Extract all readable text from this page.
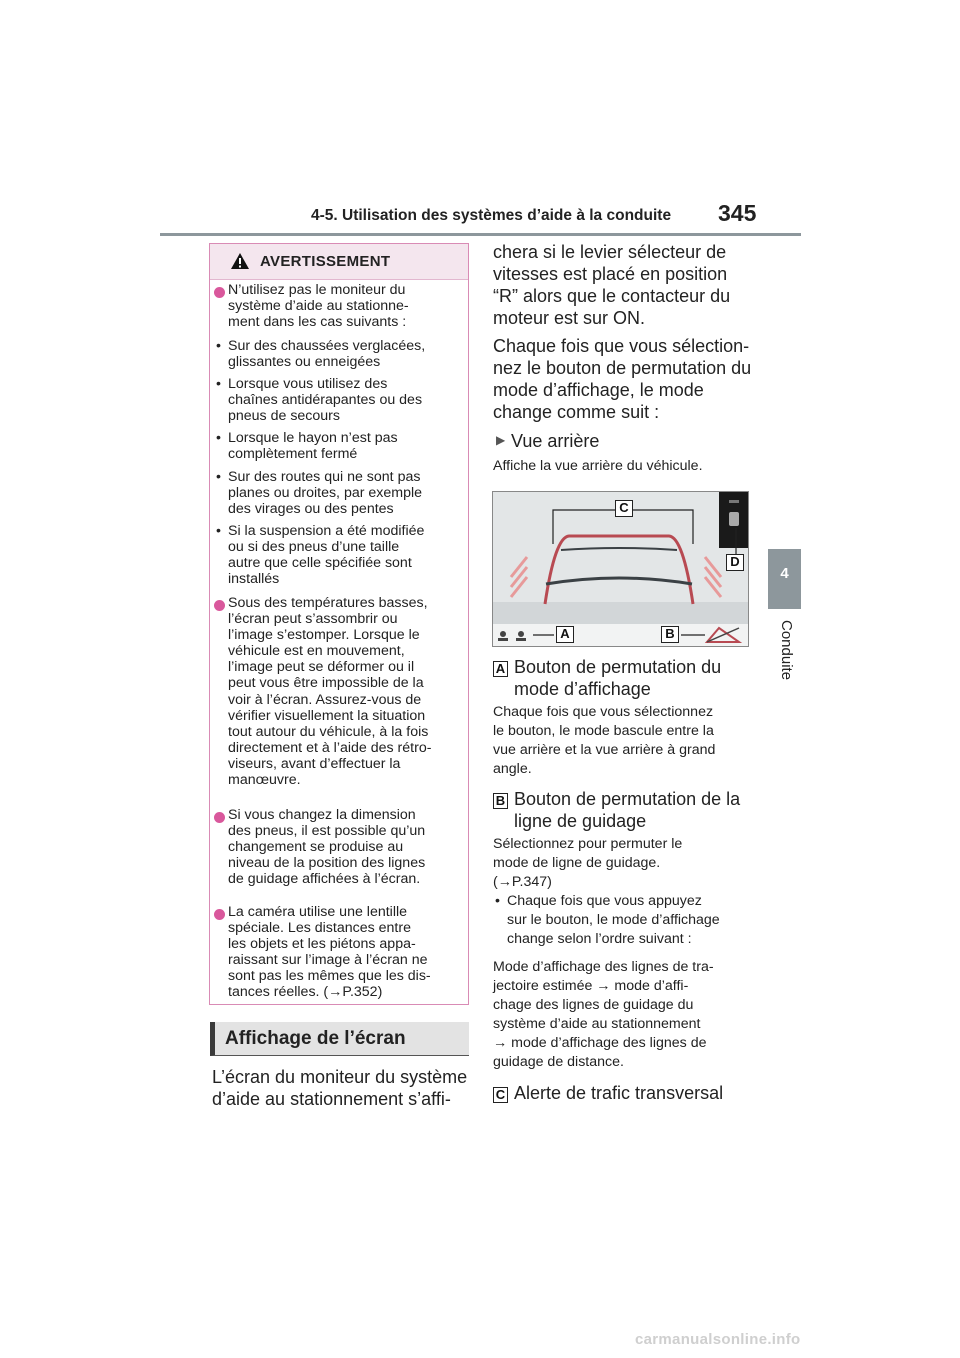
4-5. Utilisation des systèmes d’aide à la conduite 345
4
Conduite
AVERTISSEMENT
N’utilisez pas le moniteur du
système d’aide au stationne-
ment dans les cas suivants :
• Sur des chaussées verglacées,
glissantes ou enneigées
• Lorsque vous utilisez des
chaînes antidérapantes ou des
pneus de secours
• Lorsque le hayon n’est pas
complètement fermé
• Sur des routes qui ne sont pas
planes ou droites, par exemple
des virages ou des pentes
• Si la suspension a été modifiée
ou si des pneus d’une taille
autre que celle spécifiée sont
installés
Sous des températures basses,
l’écran peut s’assombrir ou
l’image s’estomper. Lorsque le
véhicule est en mouvement,
l’image peut se déformer ou il
peut vous être impossible de la
voir à l’écran. Assurez-vous de
vérifier visuellement la situation
tout autour du véhicule, à la fois
directement et à l’aide des rétro-
viseurs, avant d’effectuer la
manœuvre.
Si vous changez la dimension
des pneus, il est possible qu’un
changement se produise au
niveau de la position des lignes
de guidage affichées à l’écran.
La caméra utilise une lentille
spéciale. Les distances entre
les objets et les piétons appa-
raissant sur l’image à l’écran ne
sont pas les mêmes que les dis-
tances réelles. (→P.352)
Affichage de l’écran
L’écran du moniteur du système
d’aide au stationnement s’affi-
chera si le levier sélecteur de
vitesses est placé en position
“R” alors que le contacteur du
moteur est sur ON.
Chaque fois que vous sélection-
nez le bouton de permutation du
mode d’affichage, le mode
change comme suit :
▶ Vue arrière
Affiche la vue arrière du véhicule.
C
D
A	B
A Bouton de permutation du
mode d’affichage
Chaque fois que vous sélectionnez
le bouton, le mode bascule entre la
vue arrière et la vue arrière à grand
angle.
B Bouton de permutation de la
ligne de guidage
Sélectionnez pour permuter le
mode de ligne de guidage.
(→P.347)
• Chaque fois que vous appuyez
sur le bouton, le mode d’affichage
change selon l’ordre suivant :
Mode d’affichage des lignes de tra-
jectoire estimée → mode d’affi-
chage des lignes de guidage du
système d’aide au stationnement
→ mode d’affichage des lignes de
guidage de distance.
C Alerte de trafic transversal
carmanualsonline.info
